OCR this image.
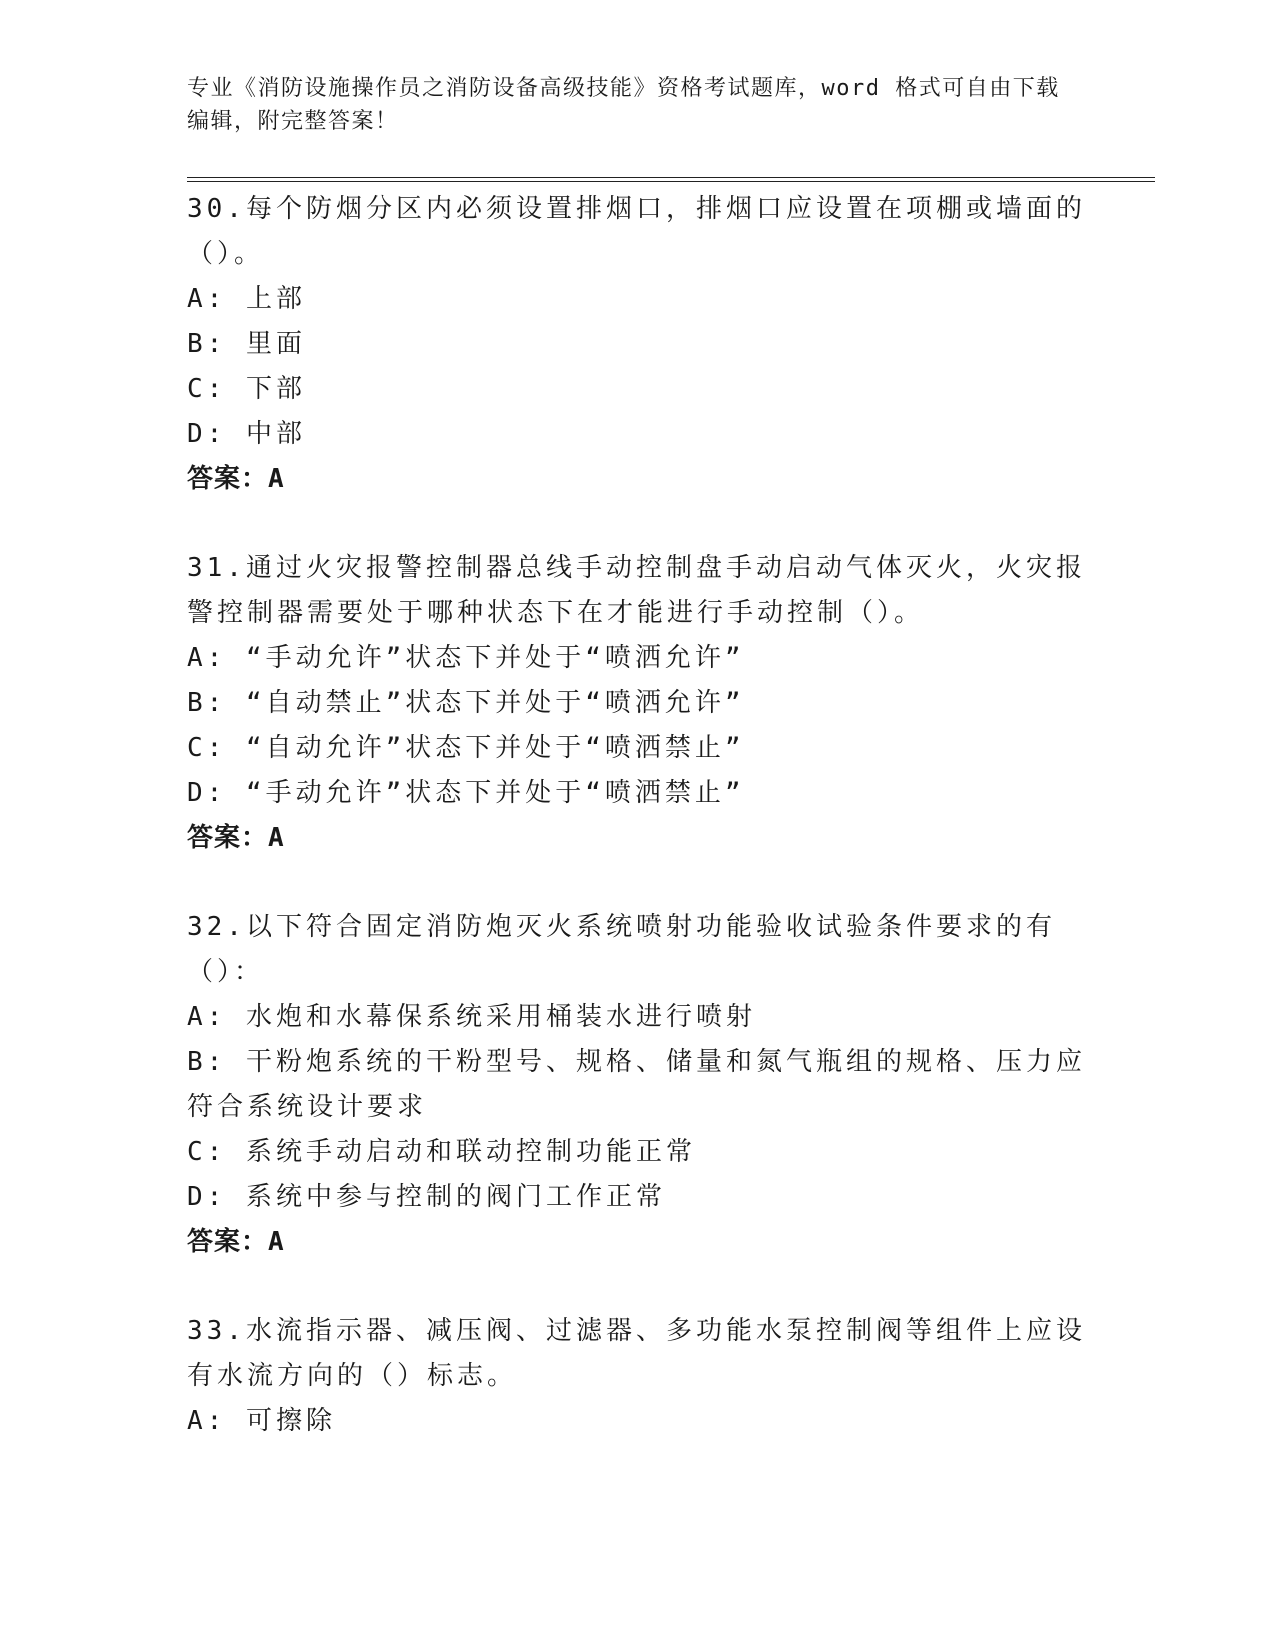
专业《消防设施操作员之消防设备高级技能》资格考试题库，word 格式可自由下载编辑，附完整答案！
30.每个防烟分区内必须设置排烟口，排烟口应设置在项棚或墙面的（）。
A: 上部
B: 里面
C: 下部
D: 中部
答案：A
31.通过火灾报警控制器总线手动控制盘手动启动气体灭火，火灾报警控制器需要处于哪种状态下在才能进行手动控制（）。
A: “手动允许”状态下并处于“喷洒允许”
B: “自动禁止”状态下并处于“喷洒允许”
C: “自动允许”状态下并处于“喷洒禁止”
D: “手动允许”状态下并处于“喷洒禁止”
答案：A
32.以下符合固定消防炮灭火系统喷射功能验收试验条件要求的有（）：
A: 水炮和水幕保系统采用桶装水进行喷射
B: 干粉炮系统的干粉型号、规格、储量和氮气瓶组的规格、压力应符合系统设计要求
C: 系统手动启动和联动控制功能正常
D: 系统中参与控制的阀门工作正常
答案：A
33.水流指示器、减压阀、过滤器、多功能水泵控制阀等组件上应设有水流方向的（）标志。
A: 可擦除
